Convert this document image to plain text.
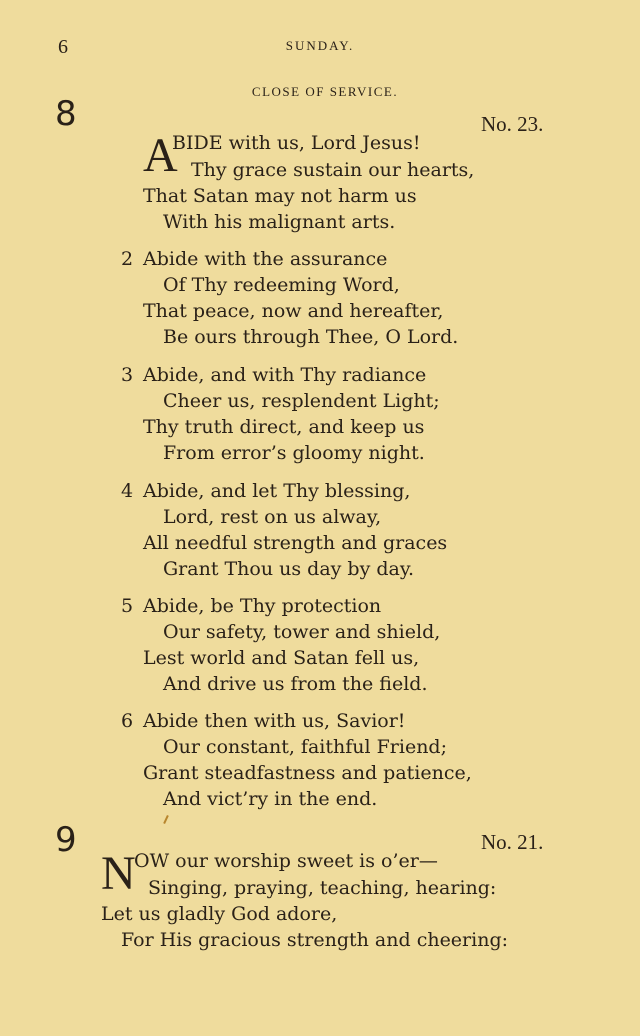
6	SUNDAY.
CLOSE OF SERVICE.
8	No. 23.
A
BIDE with us, Lord Jesus!
Thy grace sustain our hearts,
That Satan may not harm us
With his malignant arts.
2 Abide with the assurance
Of Thy redeeming Word,
That peace, now and hereafter,
Be ours through Thee, O Lord.
3 Abide, and with Thy radiance
Cheer us, resplendent Light;
Thy truth direct, and keep us
From error’s gloomy night.
4 Abide, and let Thy blessing,
Lord, rest on us alway,
All needful strength and graces
Grant Thou us day by day.
5 Abide, be Thy protection
Our safety, tower and shield,
Lest world and Satan fell us,
And drive us from the field.
6 Abide then with us, Savior!
Our constant, faithful Friend;
Grant steadfastness and patience,
And vict’ry in the end.
9	No. 21.
N
OW our worship sweet is o’er—
Singing, praying, teaching, hearing:
Let us gladly God adore,
For His gracious strength and cheering:
